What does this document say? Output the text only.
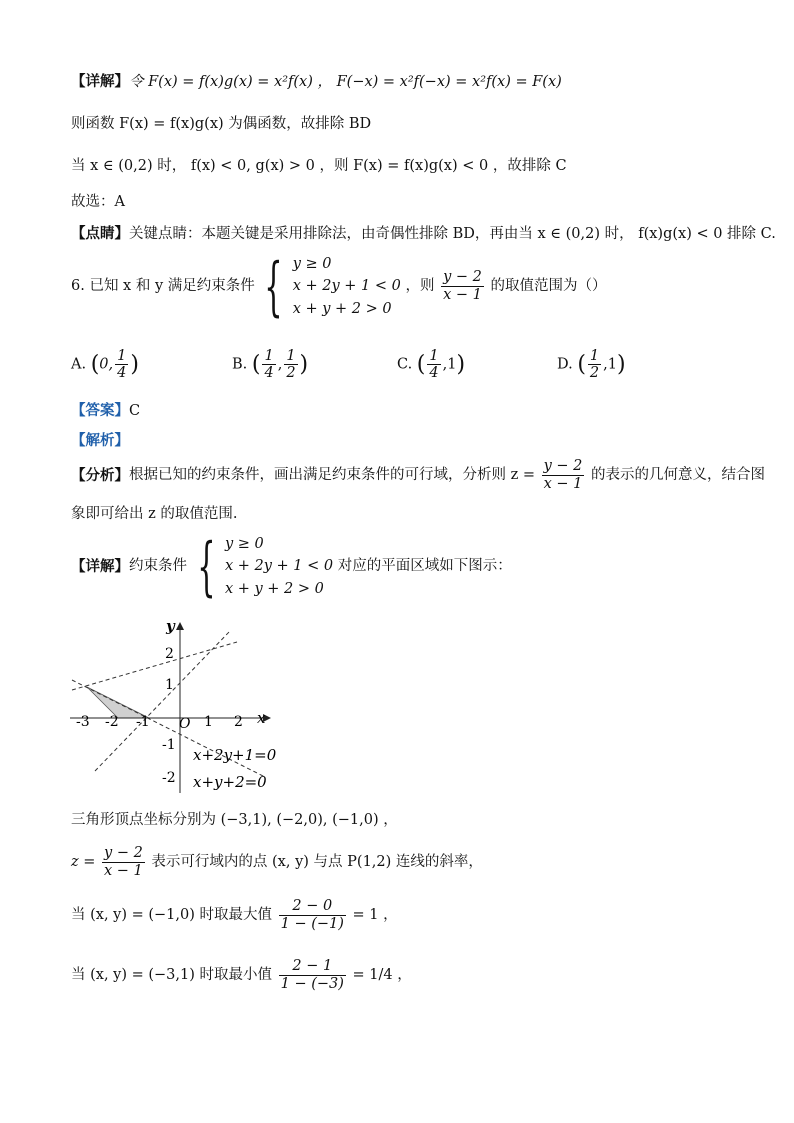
【详解】令 F(x) = f(x)g(x) = x²f(x) ， F(−x) = x²f(−x) = x²f(x) = F(x)
则函数 F(x) = f(x)g(x) 为偶函数，故排除 BD
当 x ∈ (0,2) 时， f(x) < 0, g(x) > 0 ，则 F(x) = f(x)g(x) < 0 ，故排除 C
故选：A
【点睛】关键点睛：本题关键是采用排除法，由奇偶性排除 BD，再由当 x ∈ (0,2) 时， f(x)g(x) < 0 排除 C.
6. 已知 x 和 y 满足约束条件 { y ≥ 0
x + 2y + 1 < 0
x + y + 2 > 0
，则 $\frac{y - 2}{x - 1}$ 的取值范围为（）
A. (0, $\frac{1}{4}$ )	B. ( $\frac{1}{4}$ , $\frac{1}{2}$ )	C. ( $\frac{1}{4} ,1$)	D. ( $\frac{1}{2} ,1$)
【答案】C
【解析】
【分析】根据已知的约束条件，画出满足约束条件的可行域，分析则 $z = \frac{y - 2}{x - 1}$ 的表示的几何意义，结合图
象即可给出 z 的取值范围.
【详解】约束条件 { y ≥ 0
x + 2y + 1 < 0
x + y + 2 > 0
对应的平面区域如下图示：
y
x
O
-3 -2 -1	1 2
2
1
-1
-2
x+2y+1=0
x+y+2=0
三角形顶点坐标分别为 (−3,1), (−2,0), (−1,0) ，
$z = \frac{y - 2}{x - 1}$ 表示可行域内的点 (x, y) 与点 P(1,2) 连线的斜率，
当 (x, y) = (−1,0) 时取最大值 $\frac{2 - 0}{1 - (-1)} = 1$ ，
当 (x, y) = (−3,1) 时取最小值 $\frac{2 - 1}{1 - (-3)} = 1/4$ ，
